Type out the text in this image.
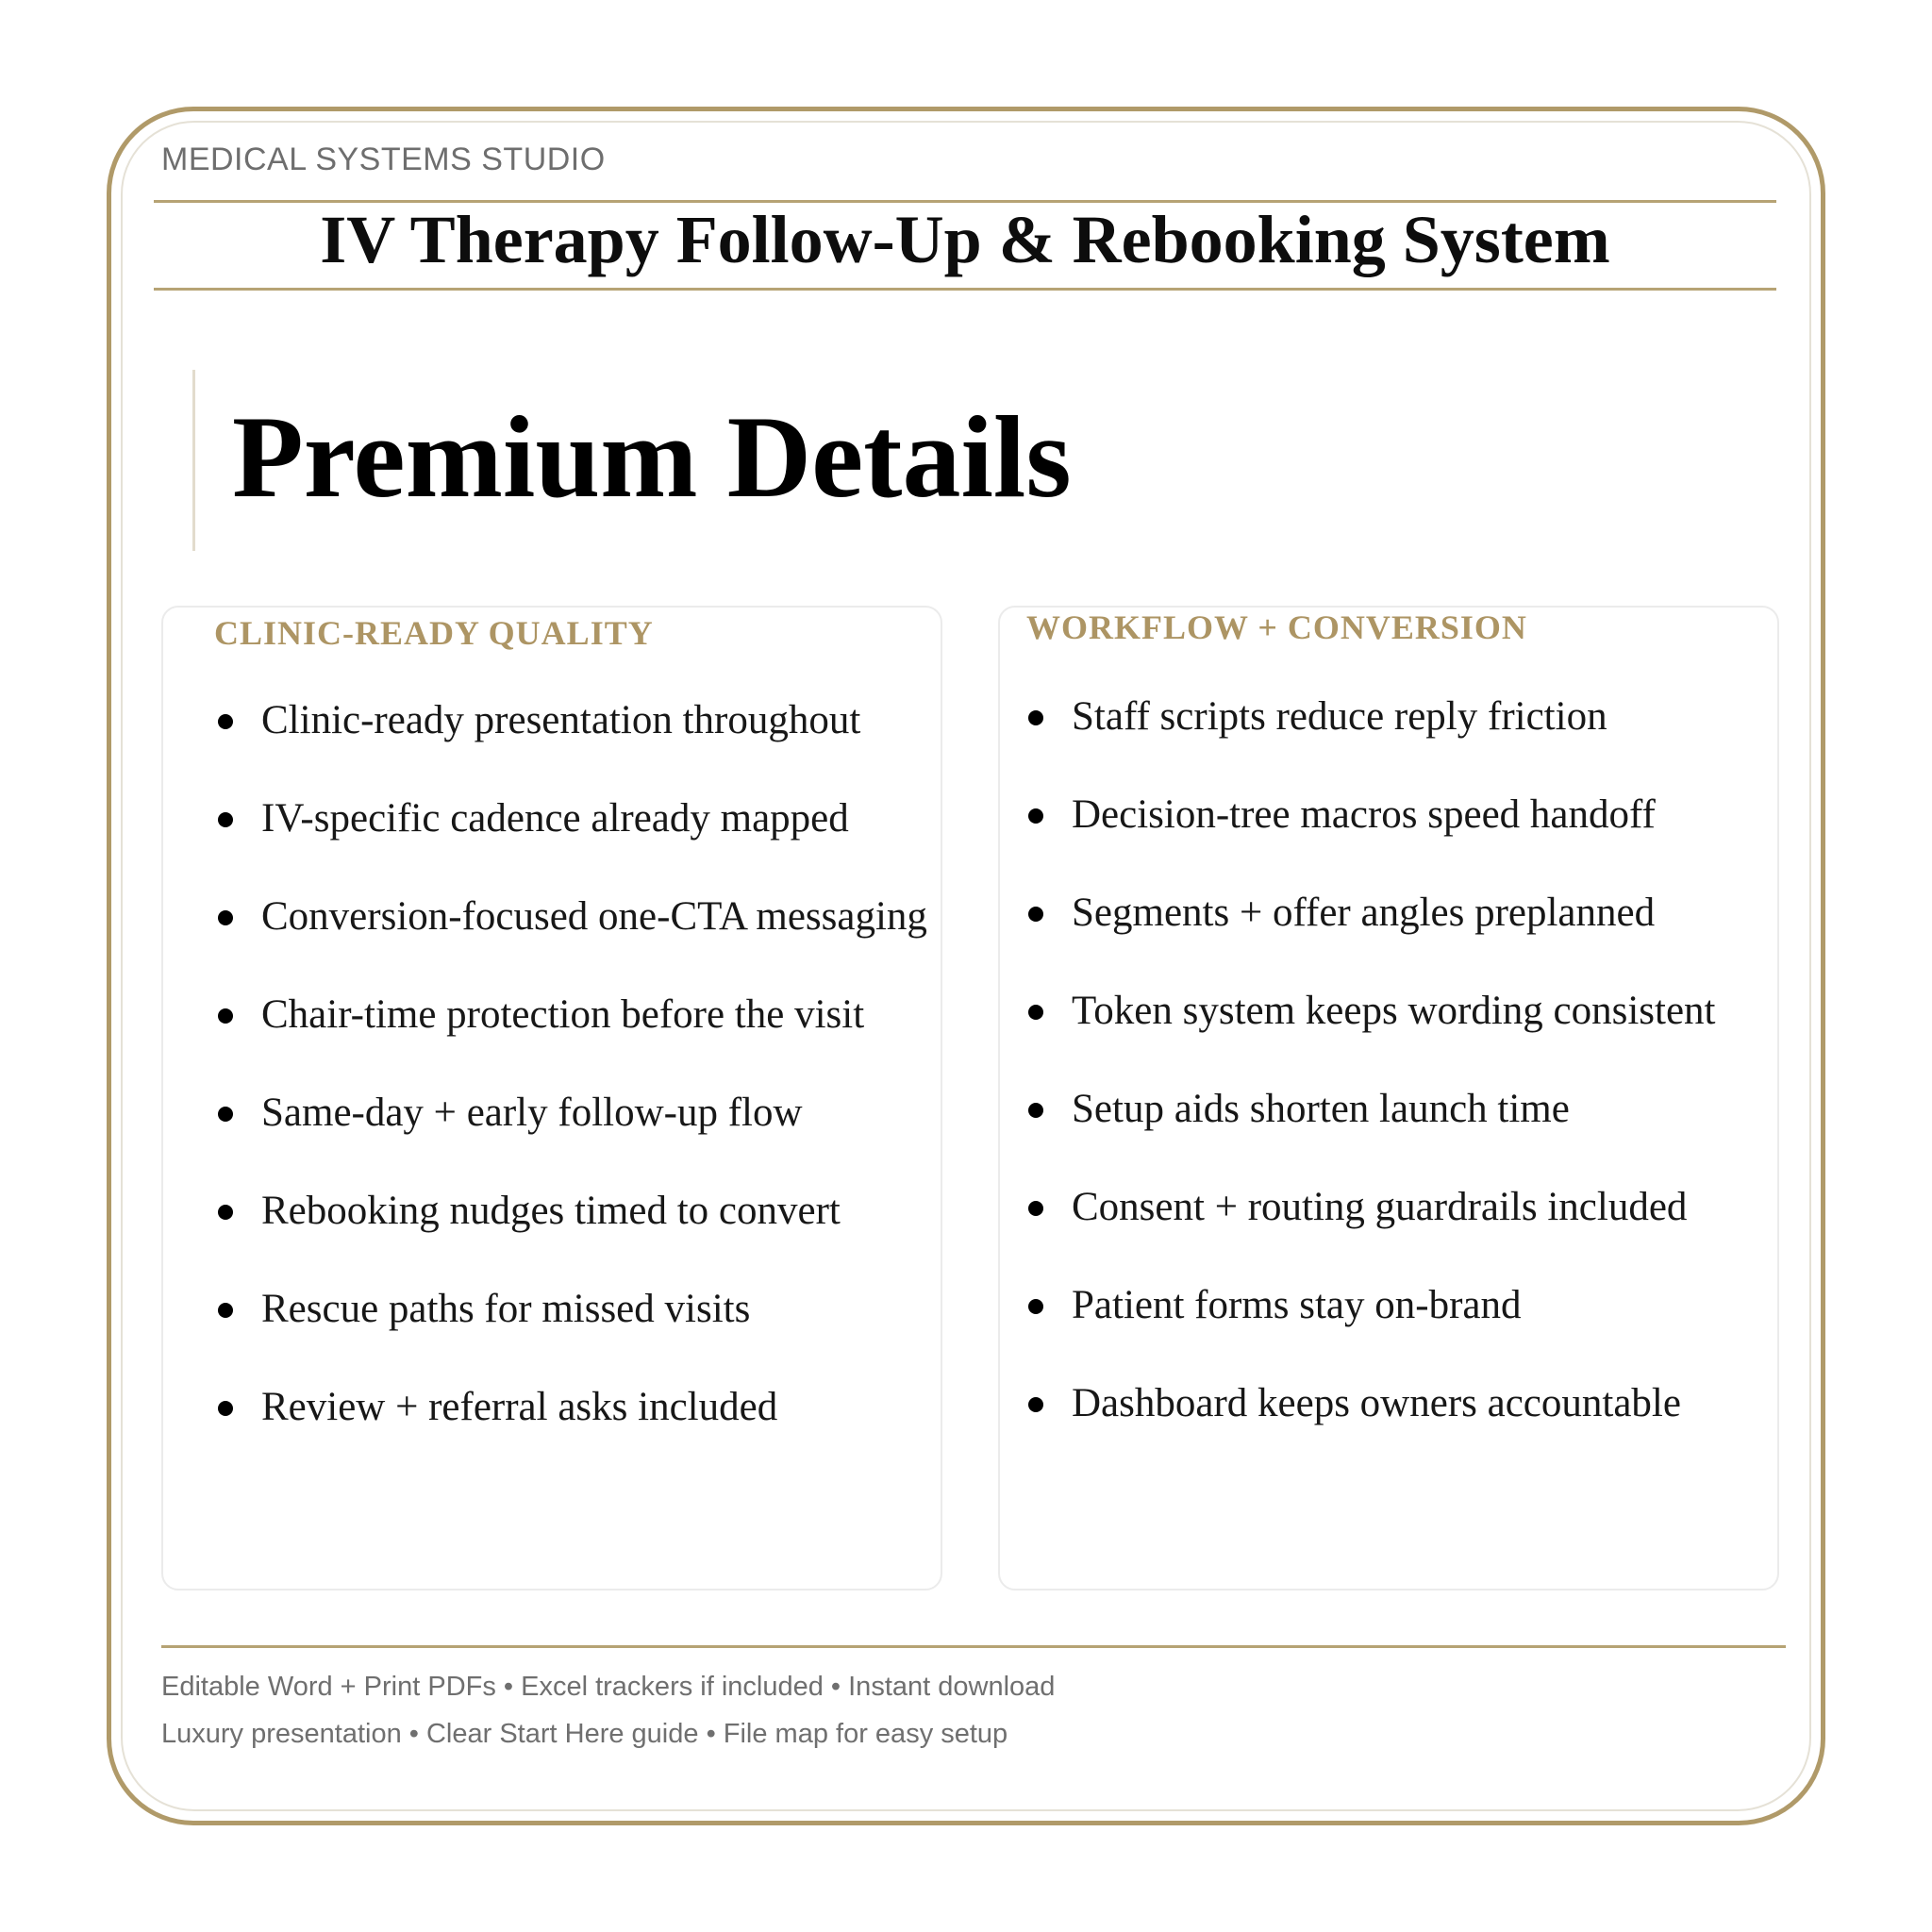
MEDICAL SYSTEMS STUDIO
IV Therapy Follow-Up & Rebooking System
Premium Details
CLINIC-READY QUALITY
Clinic-ready presentation throughout
IV-specific cadence already mapped
Conversion-focused one-CTA messaging
Chair-time protection before the visit
Same-day + early follow-up flow
Rebooking nudges timed to convert
Rescue paths for missed visits
Review + referral asks included
WORKFLOW + CONVERSION
Staff scripts reduce reply friction
Decision-tree macros speed handoff
Segments + offer angles preplanned
Token system keeps wording consistent
Setup aids shorten launch time
Consent + routing guardrails included
Patient forms stay on-brand
Dashboard keeps owners accountable
Editable Word + Print PDFs • Excel trackers if included • Instant download
Luxury presentation • Clear Start Here guide • File map for easy setup
